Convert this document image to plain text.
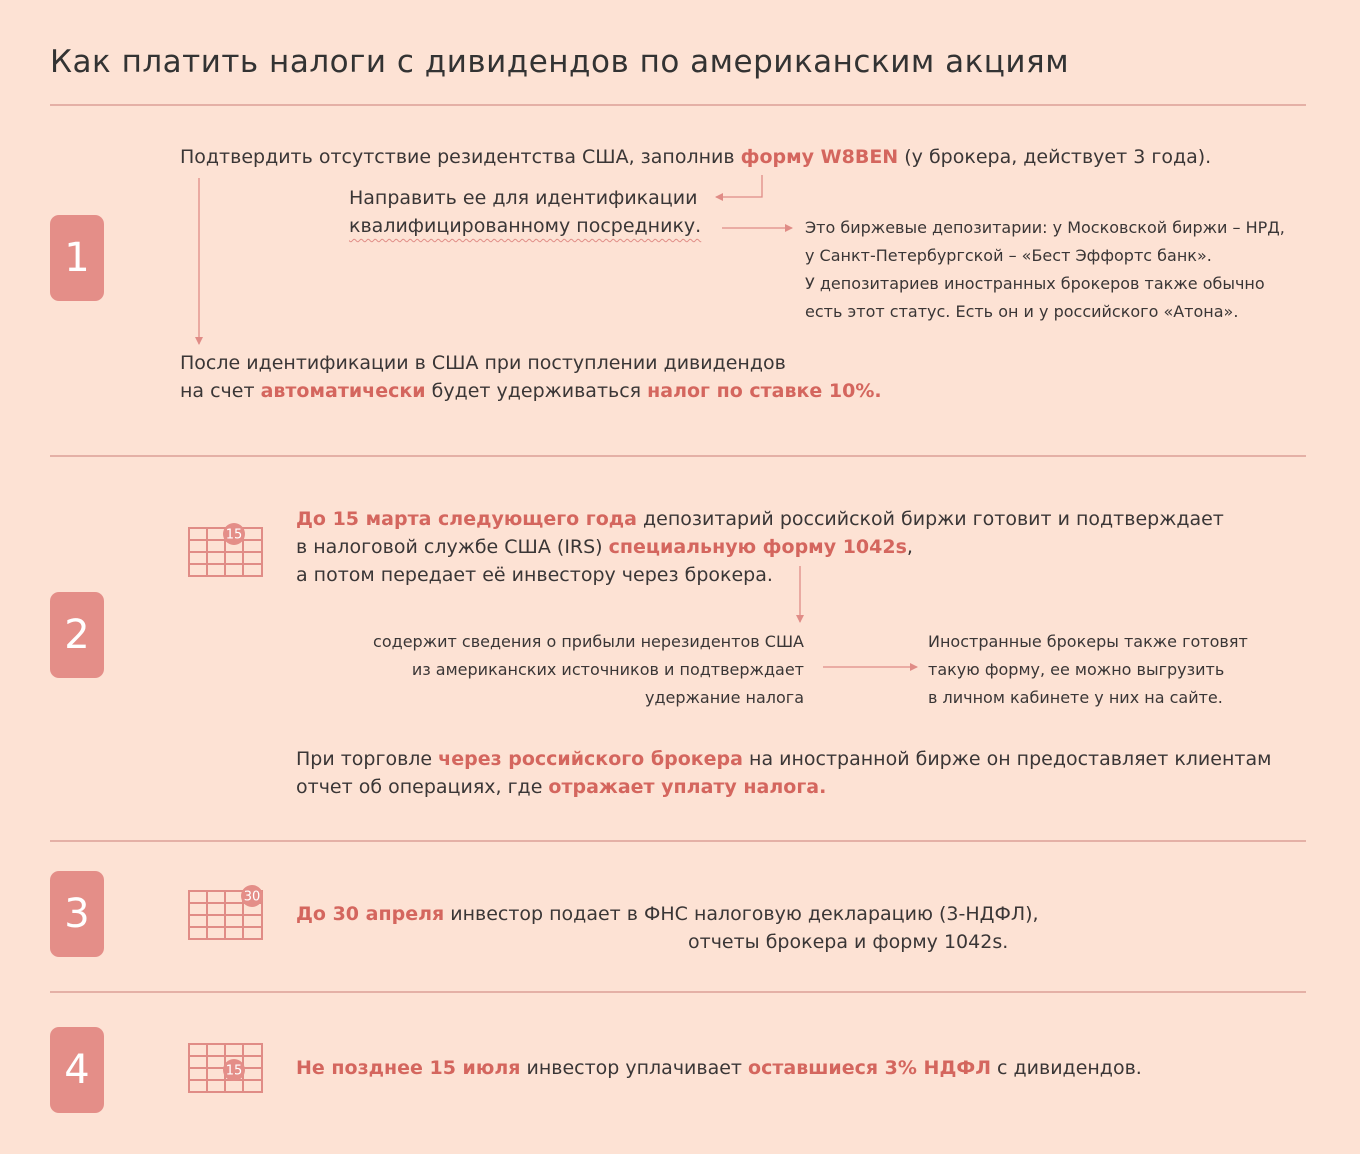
Как платить налоги с дивидендов по американским акциям
1
Подтвердить отсутствие резидентства США, заполнив форму W8BEN (у брокера, действует 3 года).
Направить ее для идентификации
квалифицированному посреднику.	Это биржевые депозитарии: у Московской биржи – НРД,
у Санкт-Петербургской – «Бест Эффортс банк».
У депозитариев иностранных брокеров также обычно
есть этот статус. Есть он и у российского «Атона».
После идентификации в США при поступлении дивидендов
на счет автоматически будет удерживаться налог по ставке 10%.
2
15
До 15 марта следующего года депозитарий российской биржи готовит и подтверждает
в налоговой службе США (IRS) специальную форму 1042s,
а потом передает её инвестору через брокера.
содержит сведения о прибыли нерезидентов США
из американских источников и подтверждает
удержание налога
Иностранные брокеры также готовят
такую форму, ее можно выгрузить
в личном кабинете у них на сайте.
При торговле через российского брокера на иностранной бирже он предоставляет клиентам
отчет об операциях, где отражает уплату налога.
3	30
До 30 апреля инвестор подает в ФНС налоговую декларацию (3-НДФЛ),
отчеты брокера и форму 1042s.
4	15	Не позднее 15 июля инвестор уплачивает оставшиеся 3% НДФЛ с дивидендов.
